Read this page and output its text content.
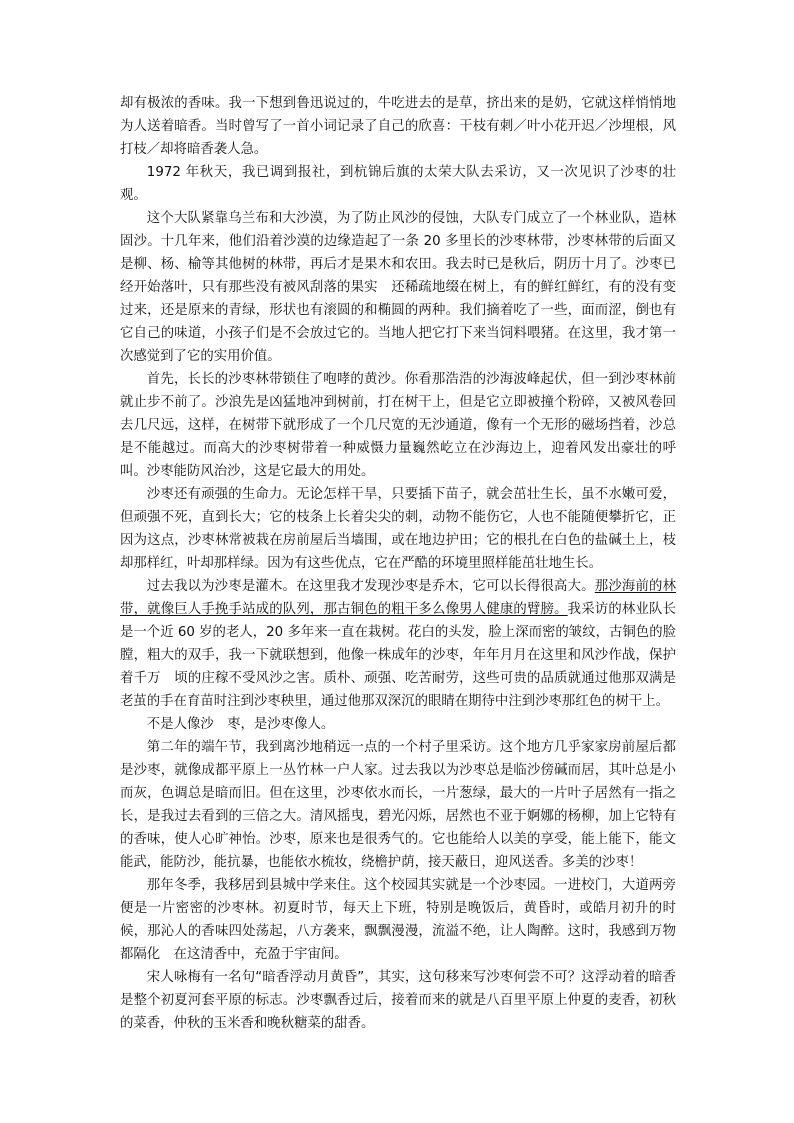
却有极浓的香味。我一下想到鲁迅说过的，牛吃进去的是草，挤出来的是奶，它就这样悄悄地为人送着暗香。当时曾写了一首小词记录了自己的欣喜：干枝有刺／叶小花开迟／沙埋根，风打枝／却将暗香袭人急。

1972 年秋天，我已调到报社，到杭锦后旗的太荣大队去采访，又一次见识了沙枣的壮观。

这个大队紧靠乌兰布和大沙漠，为了防止风沙的侵蚀，大队专门成立了一个林业队，造林固沙。十几年来，他们沿着沙漠的边缘造起了一条 20 多里长的沙枣林带，沙枣林带的后面又是柳、杨、榆等其他树的林带，再后才是果木和农田。我去时已是秋后，阴历十月了。沙枣已经开始落叶，只有那些没有被风刮落的果实　还稀疏地缀在树上，有的鲜红鲜红，有的没有变过来，还是原来的青绿，形状也有滚圆的和椭圆的两种。我们摘着吃了一些，面而涩，倒也有它自己的味道，小孩子们是不会放过它的。当地人把它打下来当饲料喂猪。在这里，我才第一次感觉到了它的实用价值。

首先，长长的沙枣林带锁住了咆哮的黄沙。你看那浩浩的沙海波峰起伏，但一到沙枣林前就止步不前了。沙浪先是凶猛地冲到树前，打在树干上，但是它立即被撞个粉碎，又被风卷回去几尺远，这样，在树带下就形成了一个几尺宽的无沙通道，像有一个无形的磁场挡着，沙总是不能越过。而高大的沙枣树带着一种威慑力量巍然屹立在沙海边上，迎着风发出豪壮的呼叫。沙枣能防风治沙，这是它最大的用处。

沙枣还有顽强的生命力。无论怎样干旱，只要插下苗子，就会茁壮生长，虽不水嫩可爱，但顽强不死，直到长大；它的枝条上长着尖尖的刺，动物不能伤它，人也不能随便攀折它，正因为这点，沙枣林常被栽在房前屋后当墙围，或在地边护田；它的根扎在白色的盐碱土上，枝却那样红，叶却那样绿。因为有这些优点，它在严酷的环境里照样能茁壮地生长。

过去我以为沙枣是灌木。在这里我才发现沙枣是乔木，它可以长得很高大。那沙海前的林带，就像巨人手挽手站成的队列，那古铜色的粗干多么像男人健康的臂膀。我采访的林业队长是一个近 60 岁的老人，20 多年来一直在栽树。花白的头发，脸上深而密的皱纹，古铜色的脸膛，粗大的双手，我一下就联想到，他像一株成年的沙枣，年年月月在这里和风沙作战，保护着千万　顷的庄稼不受风沙之害。质朴、顽强、吃苦耐劳，这些可贵的品质就通过他那双满是老茧的手在育苗时注到沙枣秧里，通过他那双深沉的眼睛在期待中注到沙枣那红色的树干上。

不是人像沙　枣，是沙枣像人。

第二年的端午节，我到离沙地稍远一点的一个村子里采访。这个地方几乎家家房前屋后都是沙枣，就像成都平原上一丛竹林一户人家。过去我以为沙枣总是临沙傍碱而居，其叶总是小而灰，色调总是暗而旧。但在这里，沙枣依水而长，一片葱绿，最大的一片叶子居然有一指之长，是我过去看到的三倍之大。清风摇曳，碧光闪烁，居然也不亚于婀娜的杨柳，加上它特有的香味，使人心旷神怡。沙枣，原来也是很秀气的。它也能给人以美的享受，能上能下，能文能武，能防沙，能抗暴，也能依水梳妆，绕檐护荫，接天蔽日，迎风送香。多美的沙枣！

那年冬季，我移居到县城中学来住。这个校园其实就是一个沙枣园。一进校门，大道两旁便是一片密密的沙枣林。初夏时节，每天上下班，特别是晚饭后，黄昏时，或皓月初升的时候，那沁人的香味四处荡起，八方袭来，飘飘漫漫，流溢不绝，让人陶醉。这时，我感到万物都隔化　在这清香中，充盈于宇宙间。

宋人咏梅有一名句“暗香浮动月黄昏”，其实，这句移来写沙枣何尝不可？这浮动着的暗香是整个初夏河套平原的标志。沙枣飘香过后，接着而来的就是八百里平原上仲夏的麦香，初秋的菜香，仲秋的玉米香和晚秋糖菜的甜香。
